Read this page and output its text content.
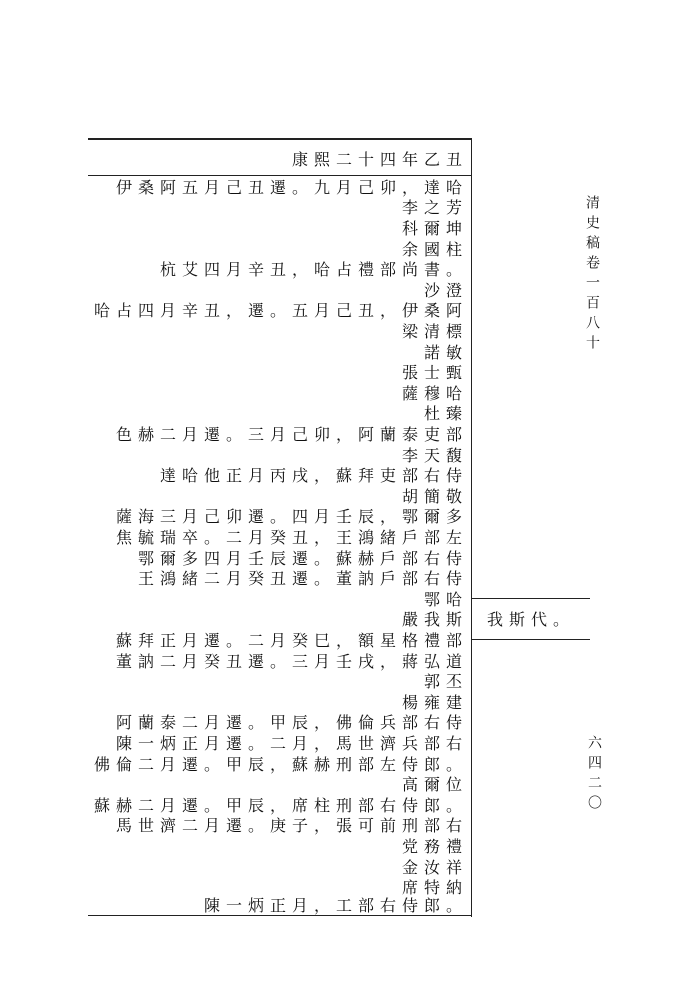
清史稿卷一百八十
六四二〇
康熙二十四年乙丑
伊桑阿五月己丑遷。九月己卯，達哈
李之芳
科爾坤
余國柱
杭艾四月辛丑，哈占禮部尚書。
沙澄
哈占四月辛丑，遷。五月己丑，伊桑阿
梁清標
諾敏
張士甄
薩穆哈
杜臻
色赫二月遷。三月己卯，阿蘭泰吏部
李天馥
達哈他正月丙戌，蘇拜吏部右侍
胡簡敬
薩海三月己卯遷。四月壬辰，鄂爾多
焦毓瑞卒。二月癸丑，王鴻緒戶部左
鄂爾多四月壬辰遷。蘇赫戶部右侍
王鴻緒二月癸丑遷。董訥戶部右侍
鄂哈
嚴我斯
蘇拜正月遷。二月癸巳，額星格禮部
董訥二月癸丑遷。三月壬戌，蔣弘道
郭丕
楊雍建
阿蘭泰二月遷。甲辰，佛倫兵部右侍
陳一炳正月遷。二月，馬世濟兵部右
佛倫二月遷。甲辰，蘇赫刑部左侍郎。
高爾位
蘇赫二月遷。甲辰，席柱刑部右侍郎。
馬世濟二月遷。庚子，張可前刑部右
党務禮
金汝祥
席特納
陳一炳正月，工部右侍郎。
我斯代。
